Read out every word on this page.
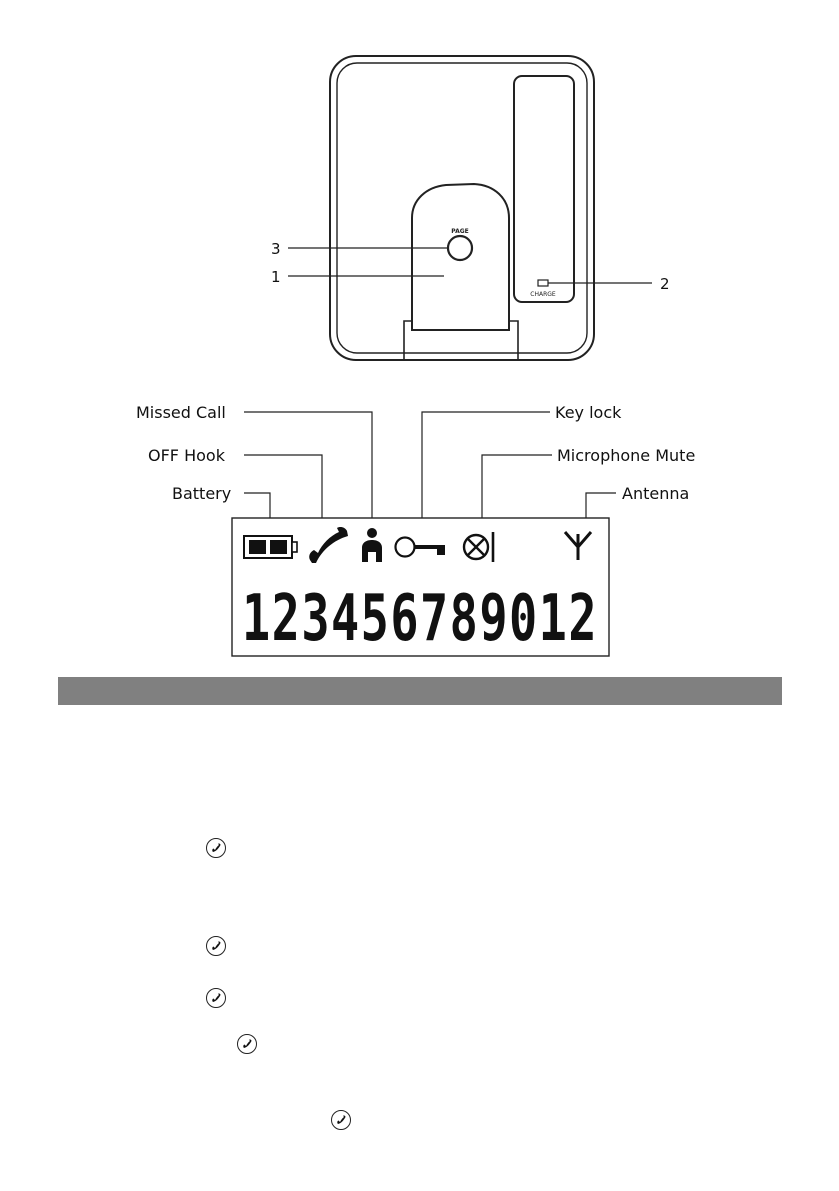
PAGE
CHARGE
3
1	2
Missed Call
OFF Hook
Battery
Key lock
Microphone Mute
Antenna
123456789012
